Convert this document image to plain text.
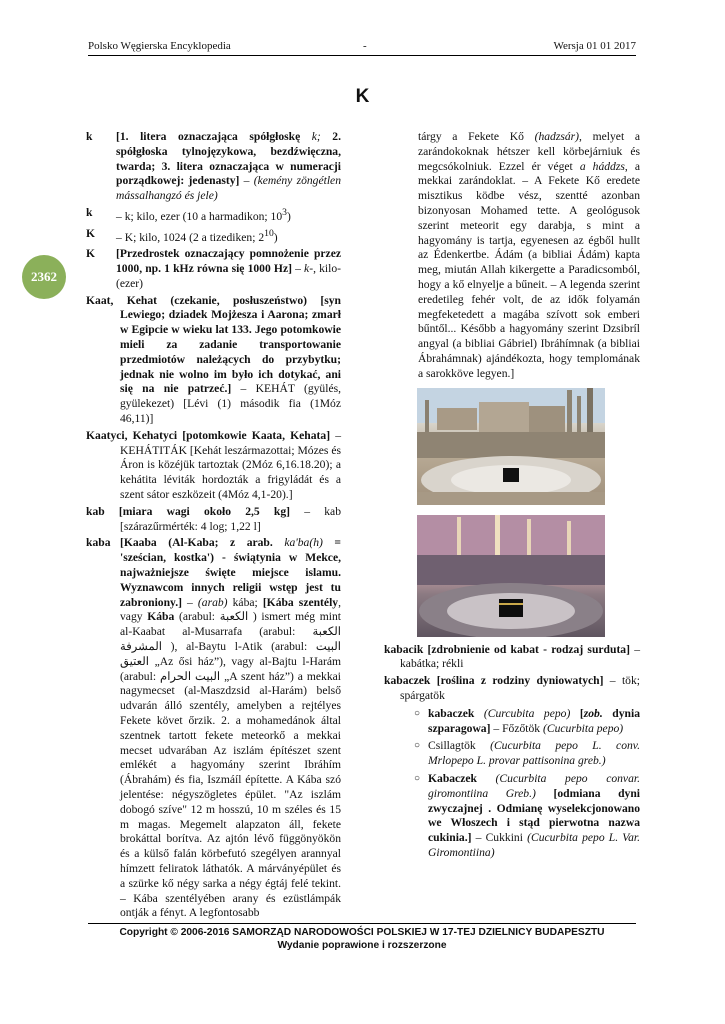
Polsko Węgierska Encyklopedia	-	Wersja 01 01 2017
K
2362
k	[1. litera oznaczająca spółgłoskę k; 2. spółgłoska tylnojęzykowa, bezdźwięczna, twarda; 3. litera oznaczająca w numeracji porządkowej: jedenasty] – (kemény zöngétlen mássalhangzó és jele)
k	– k; kilo, ezer (10 a harmadikon; $10^3$)
K	– K; kilo, 1024 (2 a tizediken; $2^{10}$)
K	[Przedrostek oznaczający pomnożenie przez 1000, np. 1 kHz równa się 1000 Hz] – k-, kilo- (ezer)
Kaat, Kehat (czekanie, posłuszeństwo) [syn Lewiego; dziadek Mojżesza i Aarona; zmarł w Egipcie w wieku lat 133. Jego potomkowie mieli za zadanie transportowanie przedmiotów należących do przybytku; jednak nie wolno im było ich dotykać, ani się na nie patrzeć.] – KEHÁT (gyülés, gyülekezet) [Lévi (1) második fia (1Móz 46,11)]
Kaatyci, Kehatyci [potomkowie Kaata, Kehata] – KEHÁTITÁK [Kehát leszármazottai; Mózes és Áron is közéjük tartoztak (2Móz 6,16.18.20); a kehátita léviták hordozták a frigyládát és a szent sátor eszközeit (4Móz 4,1-20).]
kab [miara wagi około 2,5 kg] – kab [szárazűrmérték: 4 log; 1,22 l]
kaba [Kaaba (Al-Kaba; z arab. ka'ba(h) = 'sześcian, kostka') - świątynia w Mekce, najważniejsze święte miejsce islamu. Wyznawcom innych religii wstęp jest tu zabroniony.] – (arab) kába; [Kába szentély, vagy Kába (arabul: الكعبة ) ismert még mint al-Kaabat al-Musarrafa (arabul: الكعبة المشرفة ), al-Baytu l-Atik (arabul: البيت العتيق „Az ősi ház”), vagy al-Bajtu l-Harám (arabul: البيت الحرام „A szent ház”) a mekkai nagymecset (al-Maszdzsid al-Harám) belső udvarán álló szentély, amelyben a rejtélyes Fekete követ őrzik. 2. a mohamedánok által szentnek tartott fekete meteorkő a mekkai mecset udvarában Az iszlám építészet szent emlékét a hagyomány szerint Ibráhím (Ábrahám) és fia, Iszmáíl építette. A Kába szó jelentése: négyszögletes épület. "Az iszlám dobogó szíve" 12 m hosszú, 10 m széles és 15 m magas. Megemelt alapzaton áll, fekete brokáttal borítva. Az ajtón lévő függönyökön és a külső falán körbefutó szegélyen arannyal hímzett feliratok láthatók. A márványépület és a szürke kő négy sarka a négy égtáj felé tekint. – Kába szentélyében arany és ezüstlámpák ontják a fényt. A legfontosabb
tárgy a Fekete Kő (hadzsár), melyet a zarándokoknak hétszer kell körbejárniuk és megcsókolniuk. Ezzel ér véget a háddzs, a mekkai zarándoklat. – A Fekete Kő eredete misztikus ködbe vész, szentté azonban bizonyosan Mohamed tette. A geológusok szerint meteorit egy darabja, s mint a hagyomány is tartja, egyenesen az égből hullt az Édenkertbe. Ádám (a bibliai Ádám) kapta meg, miután Allah kikergette a Paradicsomból, hogy a kő elnyelje a bűneit. – A legenda szerint eredetileg fehér volt, de az idők folyamán megfeketedett a magába szívott sok emberi bűntől... Később a hagyomány szerint Dzsibríl angyal (a bibliai Gábriel) Ibráhímnak (a bibliai Ábrahámnak) ajándékozta, hogy templomának a sarokköve legyen.]
kabacik [zdrobnienie od kabat - rodzaj surduta] – kabátka; rékli
kabaczek [roślina z rodziny dyniowatych] – tök; spárgatök
○ kabaczek (Curcubita pepo) [zob. dynia szparagowa] – Főzőtök (Cucurbita pepo)
○ Csillagtök (Cucurbita pepo L. conv. Mrlopepo L. provar pattisonina greb.)
○ Kabaczek (Cucurbita pepo convar. giromontiina Greb.) [odmiana dyni zwyczajnej . Odmianę wyselekcjonowano we Włoszech i stąd pierwotna nazwa cukinia.] – Cukkini (Cucurbita pepo L. Var. Giromontiina)
Copyright © 2006-2016 SAMORZĄD NARODOWOŚCI POLSKIEJ W 17-TEJ DZIELNICY BUDAPESZTU
Wydanie poprawione i rozszerzone
